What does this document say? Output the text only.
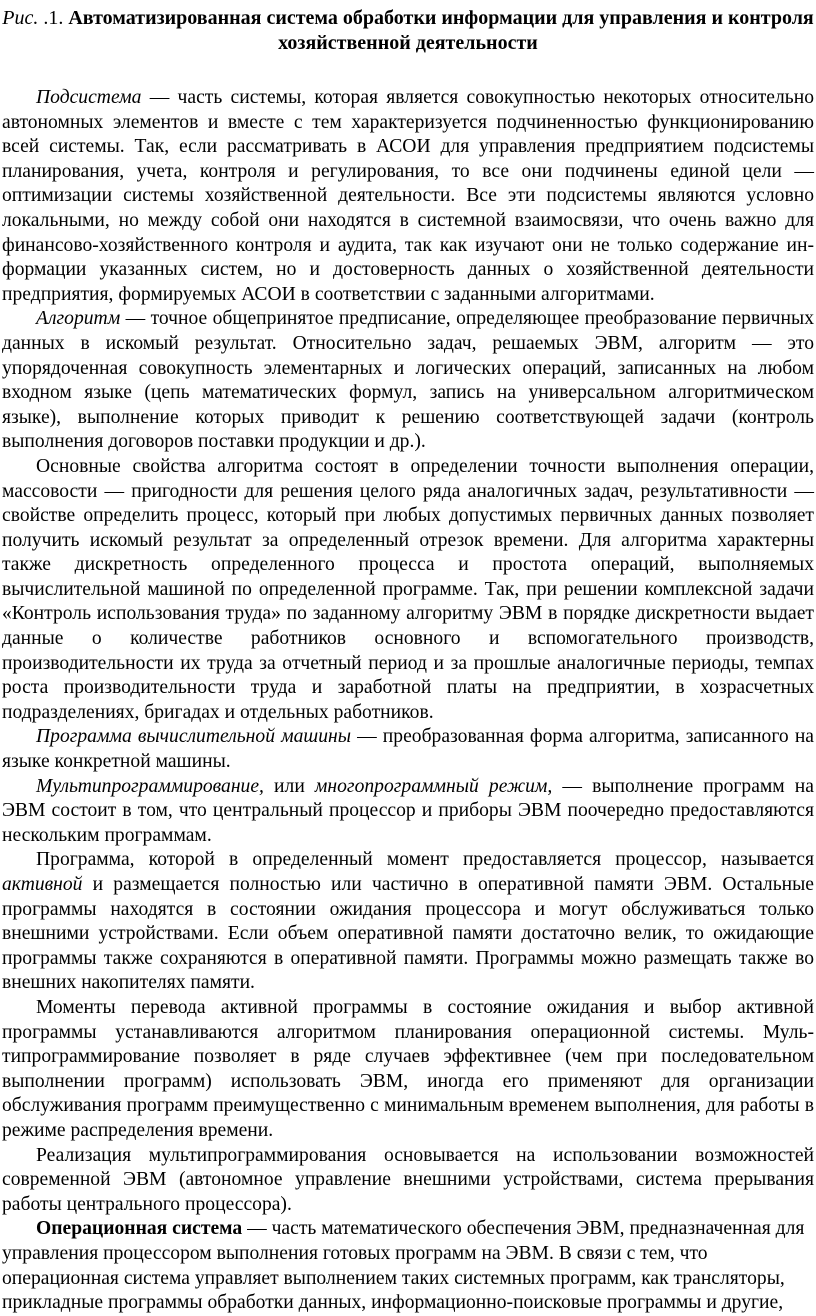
Рис. .1. Автоматизированная система обработки информации для управления и контроля хозяйственной деятельности

Подсистема — часть системы, которая является совокупностью некоторых относительно автономных элементов и вместе с тем характеризуется подчиненностью функционированию всей системы. Так, если рассматривать в АСОИ для управления предприятием подсистемы планирования, учета, контроля и регулирования, то все они подчинены единой цели — оптимизации системы хозяйственной деятельности. Все эти подсистемы являются условно локальными, но между собой они находятся в системной взаимосвязи, что очень важно для финансово-хозяйственного контроля и аудита, так как изучают они не только содержание информации указанных систем, но и достоверность данных о хозяйственной деятельности предприятия, формируемых АСОИ в соответствии с заданными алгоритмами.

Алгоритм — точное общепринятое предписание, определяющее преобразование первичных данных в искомый результат. Относительно задач, решаемых ЭВМ, алгоритм — это упорядоченная совокупность элементарных и логических операций, записанных на любом входном языке (цепь математических формул, запись на универсальном алгоритмическом языке), выполнение которых приводит к решению соответствующей задачи (контроль выполнения договоров поставки продукции и др.).

Основные свойства алгоритма состоят в определении точности выполнения операции, массовости — пригодности для решения целого ряда аналогичных задач, результативности — свойстве определить процесс, который при любых допустимых первичных данных позволяет получить искомый результат за определенный отрезок времени. Для алгоритма характерны также дискретность определенного процесса и простота операций, выполняемых вычислительной машиной по определенной программе. Так, при решении комплексной задачи «Контроль использования труда» по заданному алгоритму ЭВМ в порядке дискретности выдает данные о количестве работников основного и вспомогательного производств, производительности их труда за отчетный период и за прошлые аналогичные периоды, темпах роста производительности труда и заработной платы на предприятии, в хозрасчетных подразделениях, бригадах и отдельных работников.

Программа вычислительной машины — преобразованная форма алгоритма, записанного на языке конкретной машины.

Мультипрограммирование, или многопрограммный режим, — выполнение программ на ЭВМ состоит в том, что центральный процессор и приборы ЭВМ поочередно предоставляются нескольким программам.

Программа, которой в определенный момент предоставляется процессор, называется активной и размещается полностью или частично в оперативной памяти ЭВМ. Остальные программы находятся в состоянии ожидания процессора и могут обслуживаться только внешними устройствами. Если объем оперативной памяти достаточно велик, то ожидающие программы также сохраняются в оперативной памяти. Программы можно размещать также во внешних накопителях памяти.

Моменты перевода активной программы в состояние ожидания и выбор активной программы устанавливаются алгоритмом планирования операционной системы. Мультипрограммирование позволяет в ряде случаев эффективнее (чем при последовательном выполнении программ) использовать ЭВМ, иногда его применяют для организации обслуживания программ преимущественно с минимальным временем выполнения, для работы в режиме распределения времени.

Реализация мультипрограммирования основывается на использовании возможностей современной ЭВМ (автономное управление внешними устройствами, система прерывания работы центрального процессора).

Операционная система — часть математического обеспечения ЭВМ, предназначенная для управления процессором выполнения готовых программ на ЭВМ. В связи с тем, что операционная система управляет выполнением таких системных программ, как трансляторы, прикладные программы обработки данных, информационно-поисковые программы и другие,
